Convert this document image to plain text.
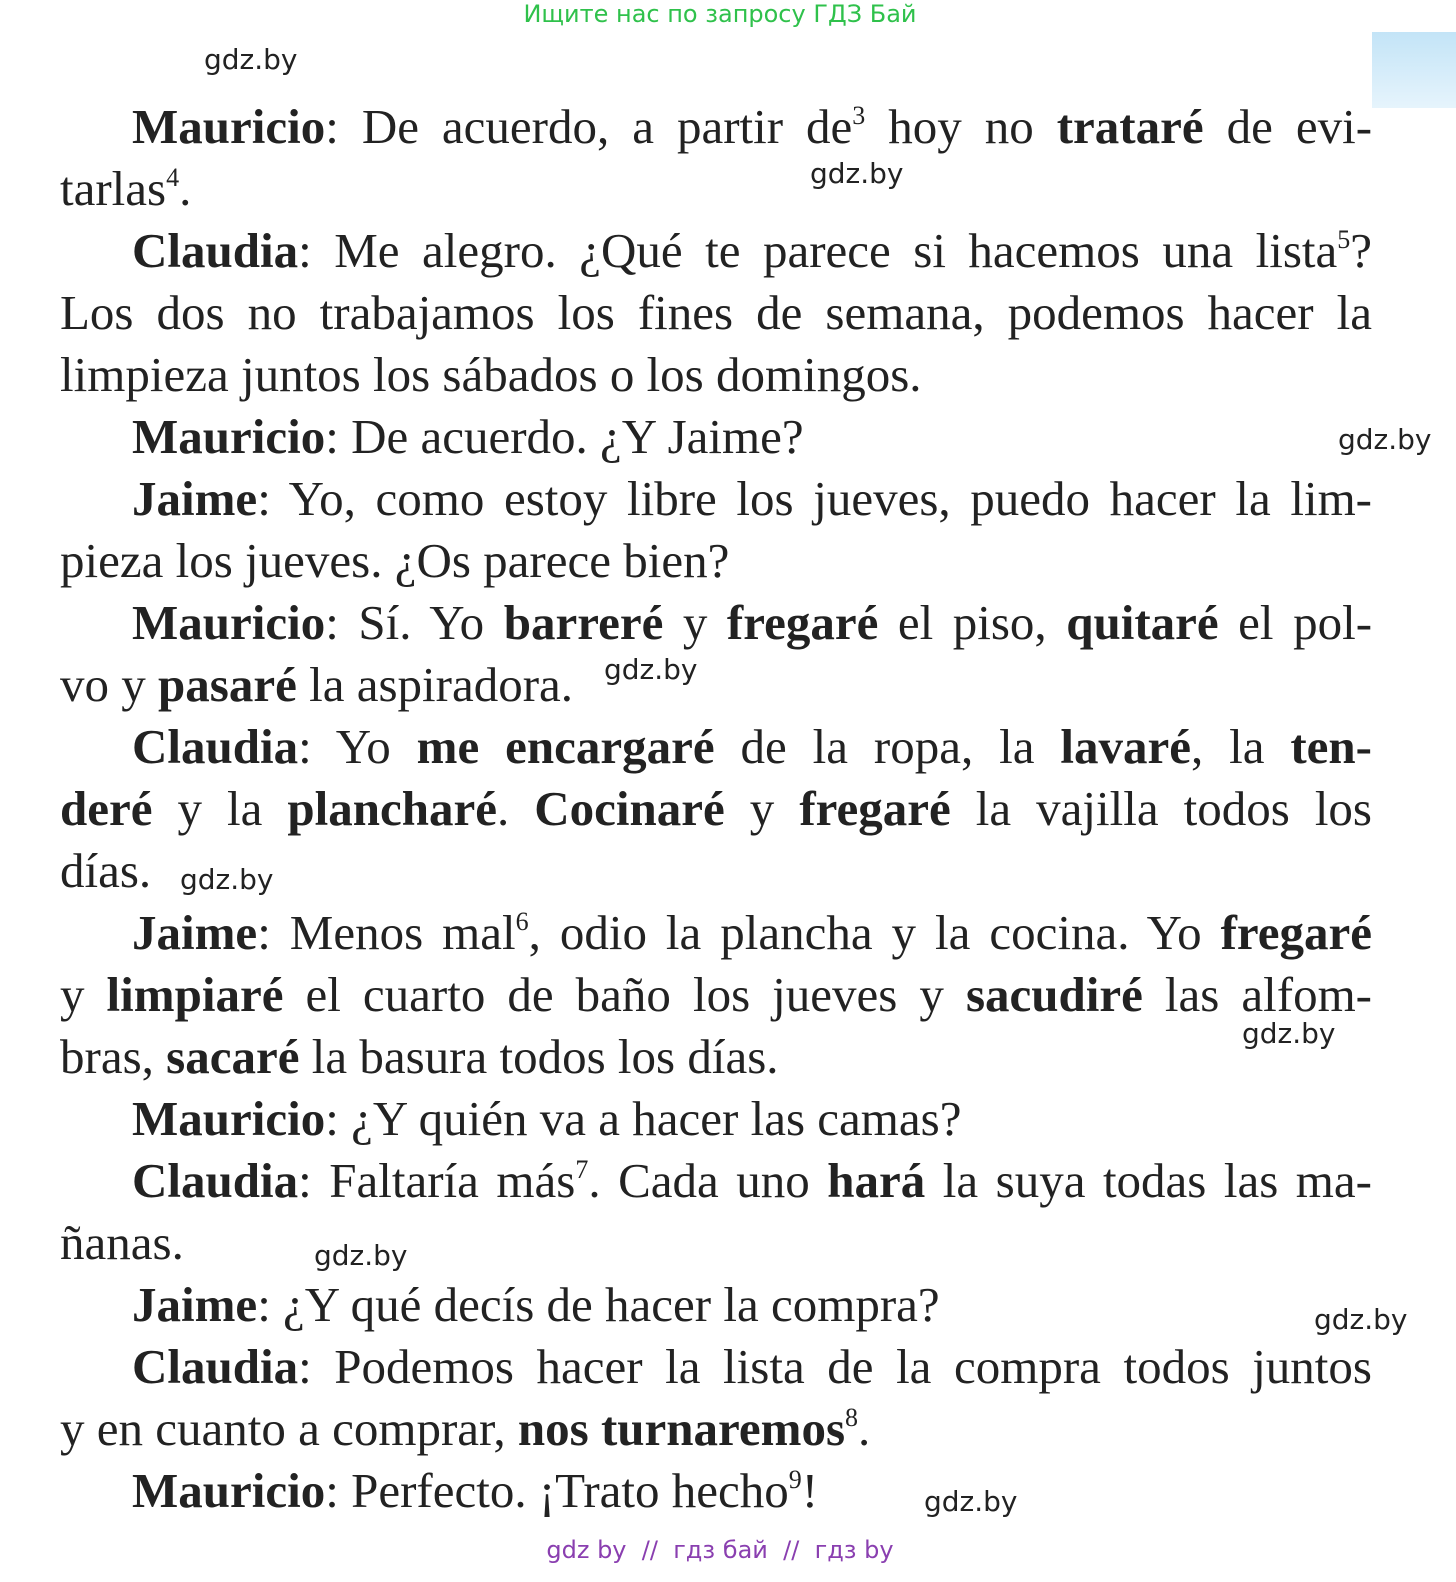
Ищите нас по запросу ГДЗ Бай
gdz.by
gdz.by
gdz.by
gdz.by
gdz.by
gdz.by
gdz.by
gdz.by
gdz.by
Mauricio: De acuerdo, a partir $de^3$ hoy no trataré de evi-
tarlas$^4$.
Claudia: Me alegro. ¿Qué te parece si hacemos una lista$^5$?
Los dos no trabajamos los fines de semana, podemos hacer la
limpieza juntos los sábados o los domingos.
Mauricio: De acuerdo. ¿Y Jaime?
Jaime: Yo, como estoy libre los jueves, puedo hacer la lim-
pieza los jueves. ¿Os parece bien?
Mauricio: Sí. Yo barreré y fregaré el piso, quitaré el pol-
vo y pasaré la aspiradora.
Claudia: Yo me encargaré de la ropa, la lavaré, la ten-
deré y la plancharé. Cocinaré y fregaré la vajilla todos los
días.
Jaime: Menos mal$^6$, odio la plancha y la cocina. Yo fregaré
y limpiaré el cuarto de baño los jueves y sacudiré las alfom-
bras, sacaré la basura todos los días.
Mauricio: ¿Y quién va a hacer las camas?
Claudia: Faltaría más$^7$. Cada uno hará la suya todas las ma-
ñanas.
Jaime: ¿Y qué decís de hacer la compra?
Claudia: Podemos hacer la lista de la compra todos juntos
y en cuanto a comprar, nos turnaremos$^8$.
Mauricio: Perfecto. ¡Trato hecho$^9$!
gdz by  //  гдз бай  //  гдз by
